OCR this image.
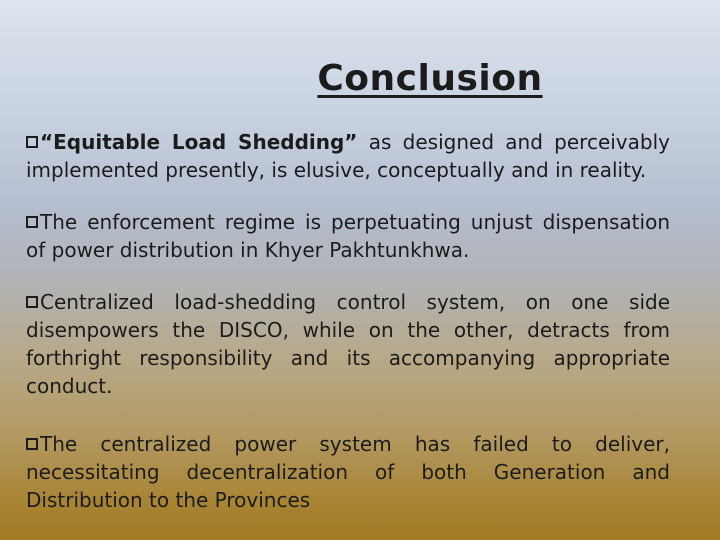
Conclusion
“Equitable Load Shedding” as designed and perceivably implemented presently, is elusive, conceptually and in reality.
The enforcement regime is perpetuating unjust dispensation of power distribution in Khyer Pakhtunkhwa.
Centralized load-shedding control system, on one side disempowers the DISCO, while on the other, detracts from forthright responsibility and its accompanying appropriate conduct.
The centralized power system has failed to deliver, necessitating decentralization of both Generation and Distribution to the Provinces
